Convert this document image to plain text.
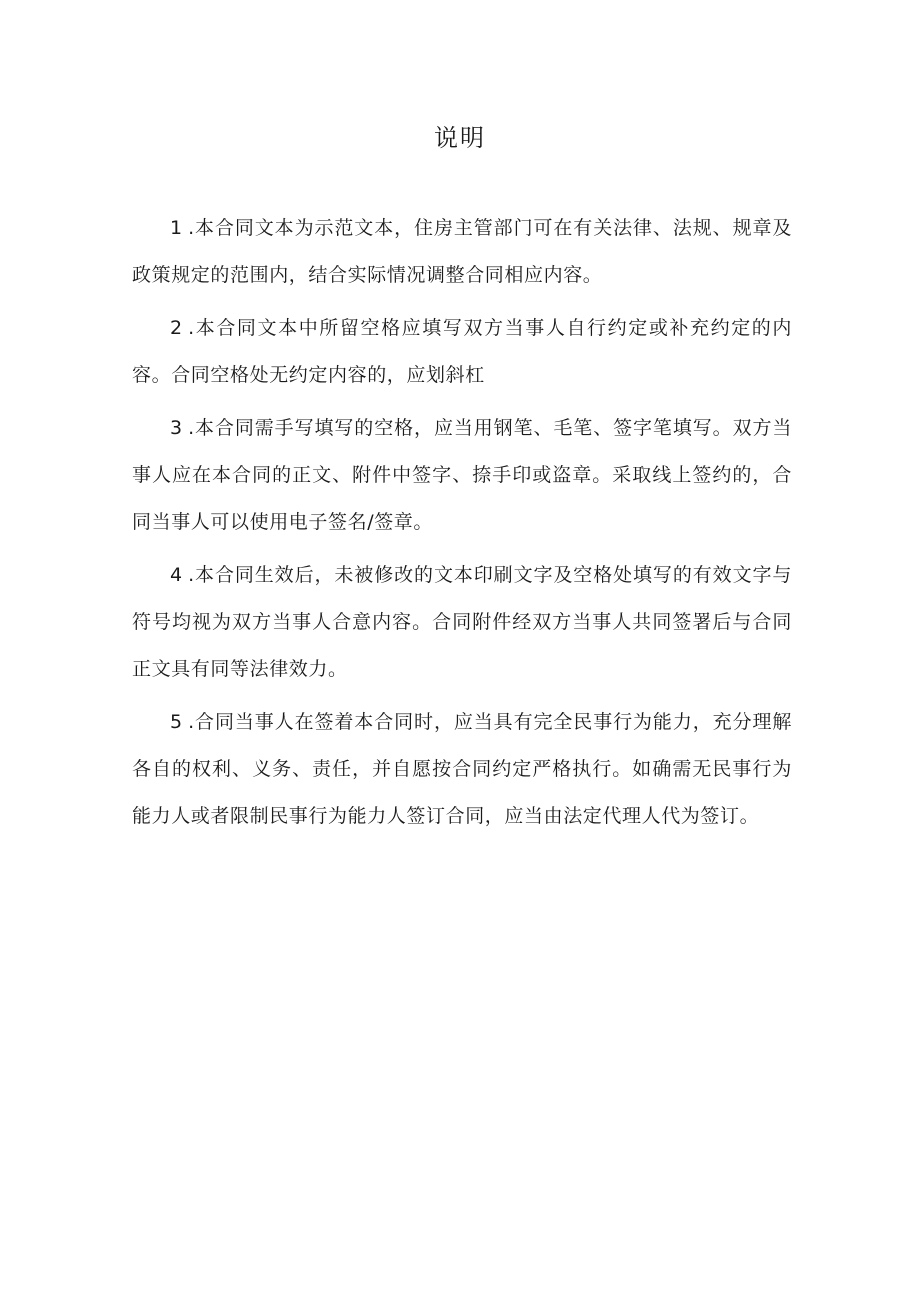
说明

1.本合同文本为示范文本，住房主管部门可在有关法律、法规、规章及政策规定的范围内，结合实际情况调整合同相应内容。

2.本合同文本中所留空格应填写双方当事人自行约定或补充约定的内容。合同空格处无约定内容的，应划斜杠

3.本合同需手写填写的空格，应当用钢笔、毛笔、签字笔填写。双方当事人应在本合同的正文、附件中签字、捺手印或盗章。采取线上签约的，合同当事人可以使用电子签名/签章。

4.本合同生效后，未被修改的文本印刷文字及空格处填写的有效文字与符号均视为双方当事人合意内容。合同附件经双方当事人共同签署后与合同正文具有同等法律效力。

5.合同当事人在签着本合同时，应当具有完全民事行为能力，充分理解各自的权利、义务、责任，并自愿按合同约定严格执行。如确需无民事行为能力人或者限制民事行为能力人签订合同，应当由法定代理人代为签订。
